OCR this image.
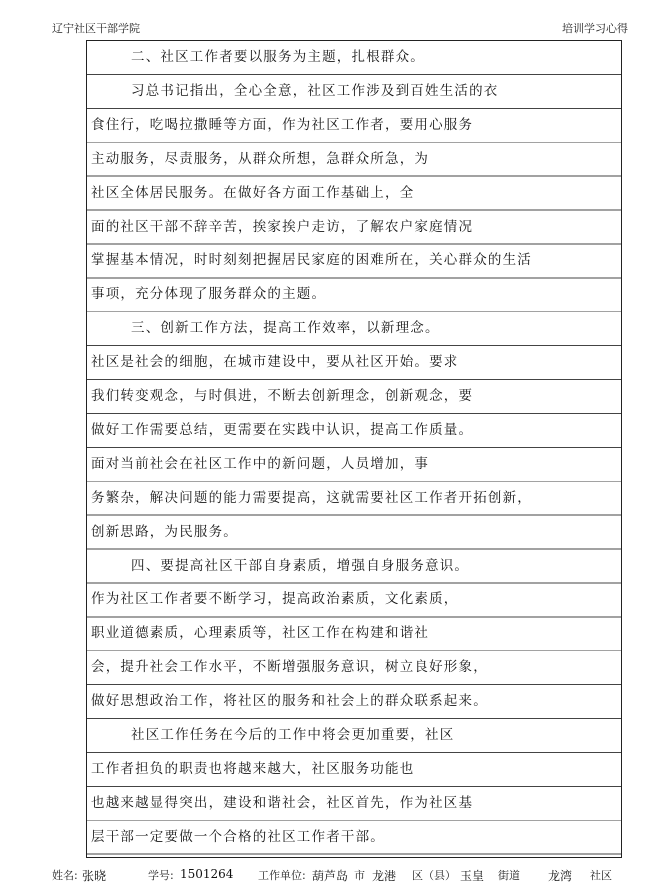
辽宁社区干部学院	培训学习心得
二、社区工作者要以服务为主题，扎根群众。
习总书记指出，全心全意，社区工作涉及到百姓生活的衣
食住行，吃喝拉撒睡等方面，作为社区工作者，要用心服务
主动服务，尽责服务，从群众所想，急群众所急，为
社区全体居民服务。在做好各方面工作基础上，全
面的社区干部不辞辛苦，挨家挨户走访，了解农户家庭情况
掌握基本情况，时时刻刻把握居民家庭的困难所在，关心群众的生活
事项，充分体现了服务群众的主题。
三、创新工作方法，提高工作效率，以新理念。
社区是社会的细胞，在城市建设中，要从社区开始。要求
我们转变观念，与时俱进，不断去创新理念，创新观念，要
做好工作需要总结，更需要在实践中认识，提高工作质量。
面对当前社会在社区工作中的新问题，人员增加，事
务繁杂，解决问题的能力需要提高，这就需要社区工作者开拓创新，
创新思路，为民服务。
四、要提高社区干部自身素质，增强自身服务意识。
作为社区工作者要不断学习，提高政治素质，文化素质，
职业道德素质，心理素质等，社区工作在构建和谐社
会，提升社会工作水平，不断增强服务意识，树立良好形象，
做好思想政治工作，将社区的服务和社会上的群众联系起来。
社区工作任务在今后的工作中将会更加重要，社区
工作者担负的职责也将越来越大，社区服务功能也
也越来越显得突出，建设和谐社会，社区首先，作为社区基
层干部一定要做一个合格的社区工作者干部。
姓名: 张晓	学号: 1501264 工作单位: 葫芦岛 市 龙港 区（县） 玉皇 街道 龙湾 社区
